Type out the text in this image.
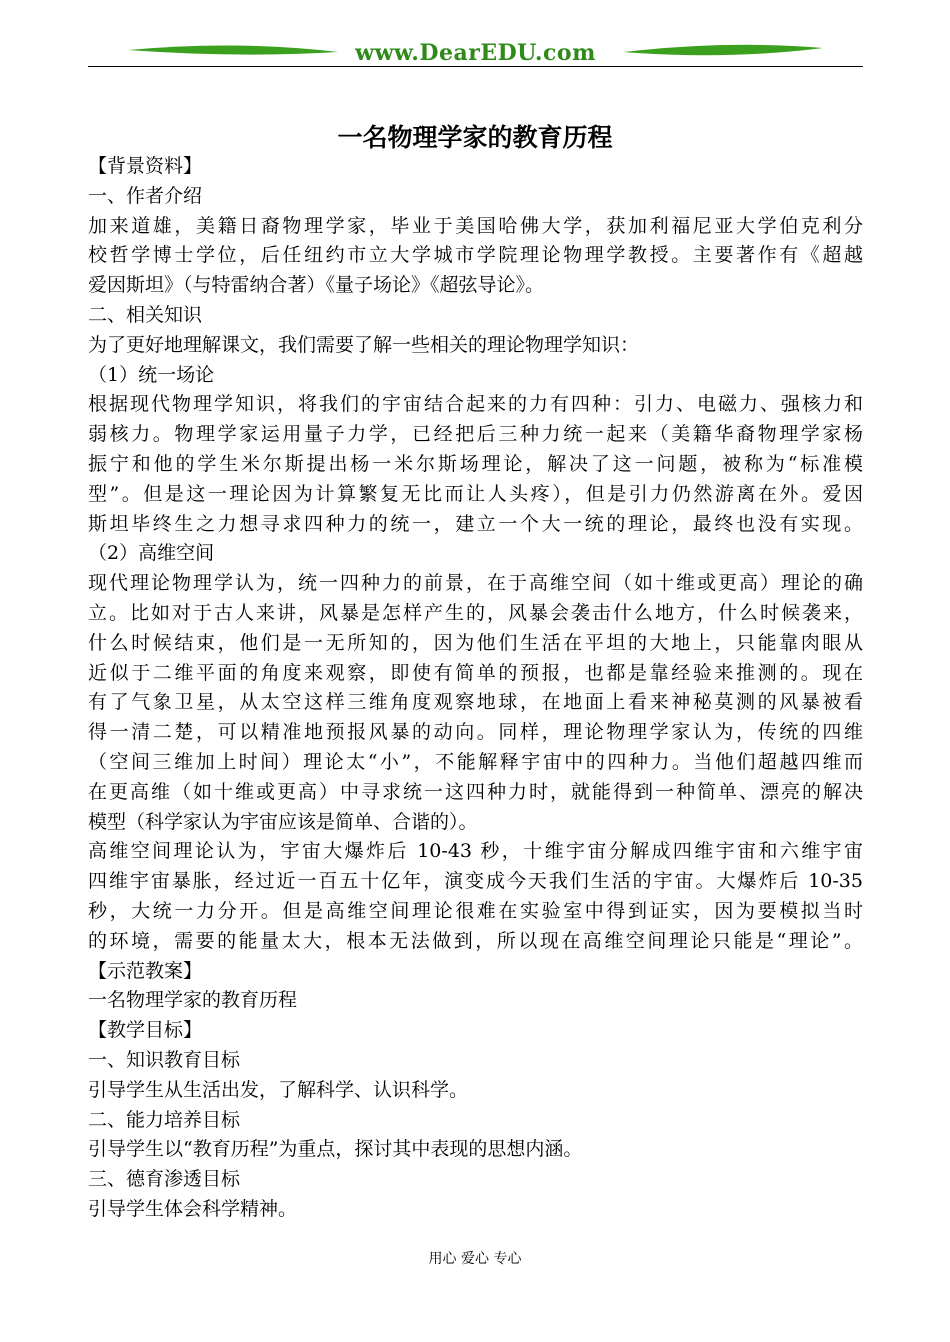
www.DearEDU.com
一名物理学家的教育历程
【背景资料】
一、作者介绍
加来道雄，美籍日裔物理学家，毕业于美国哈佛大学，获加利福尼亚大学伯克利分
校哲学博士学位，后任纽约市立大学城市学院理论物理学教授。主要著作有《超越
爱因斯坦》（与特雷纳合著）《量子场论》《超弦导论》。
二、相关知识
为了更好地理解课文，我们需要了解一些相关的理论物理学知识：
（1）统一场论
根据现代物理学知识，将我们的宇宙结合起来的力有四种：引力、电磁力、强核力和
弱核力。物理学家运用量子力学，已经把后三种力统一起来（美籍华裔物理学家杨
振宁和他的学生米尔斯提出杨一米尔斯场理论，解决了这一问题，被称为“标准模
型”。但是这一理论因为计算繁复无比而让人头疼），但是引力仍然游离在外。爱因
斯坦毕终生之力想寻求四种力的统一，建立一个大一统的理论，最终也没有实现。
（2）高维空间
现代理论物理学认为，统一四种力的前景，在于高维空间（如十维或更高）理论的确
立。比如对于古人来讲，风暴是怎样产生的，风暴会袭击什么地方，什么时候袭来，
什么时候结束，他们是一无所知的，因为他们生活在平坦的大地上，只能靠肉眼从
近似于二维平面的角度来观察，即使有简单的预报，也都是靠经验来推测的。现在
有了气象卫星，从太空这样三维角度观察地球，在地面上看来神秘莫测的风暴被看
得一清二楚，可以精准地预报风暴的动向。同样，理论物理学家认为，传统的四维
（空间三维加上时间）理论太“小”，不能解释宇宙中的四种力。当他们超越四维而
在更高维（如十维或更高）中寻求统一这四种力时，就能得到一种简单、漂亮的解决
模型（科学家认为宇宙应该是简单、合谐的）。
高维空间理论认为，宇宙大爆炸后 10-43 秒，十维宇宙分解成四维宇宙和六维宇宙
四维宇宙暴胀，经过近一百五十亿年，演变成今天我们生活的宇宙。大爆炸后 10-35
秒，大统一力分开。但是高维空间理论很难在实验室中得到证实，因为要模拟当时
的环境，需要的能量太大，根本无法做到，所以现在高维空间理论只能是“理论”。
【示范教案】
一名物理学家的教育历程
【教学目标】
一、知识教育目标
引导学生从生活出发，了解科学、认识科学。
二、能力培养目标
引导学生以“教育历程”为重点，探讨其中表现的思想内涵。
三、德育渗透目标
引导学生体会科学精神。
用心 爱心 专心
